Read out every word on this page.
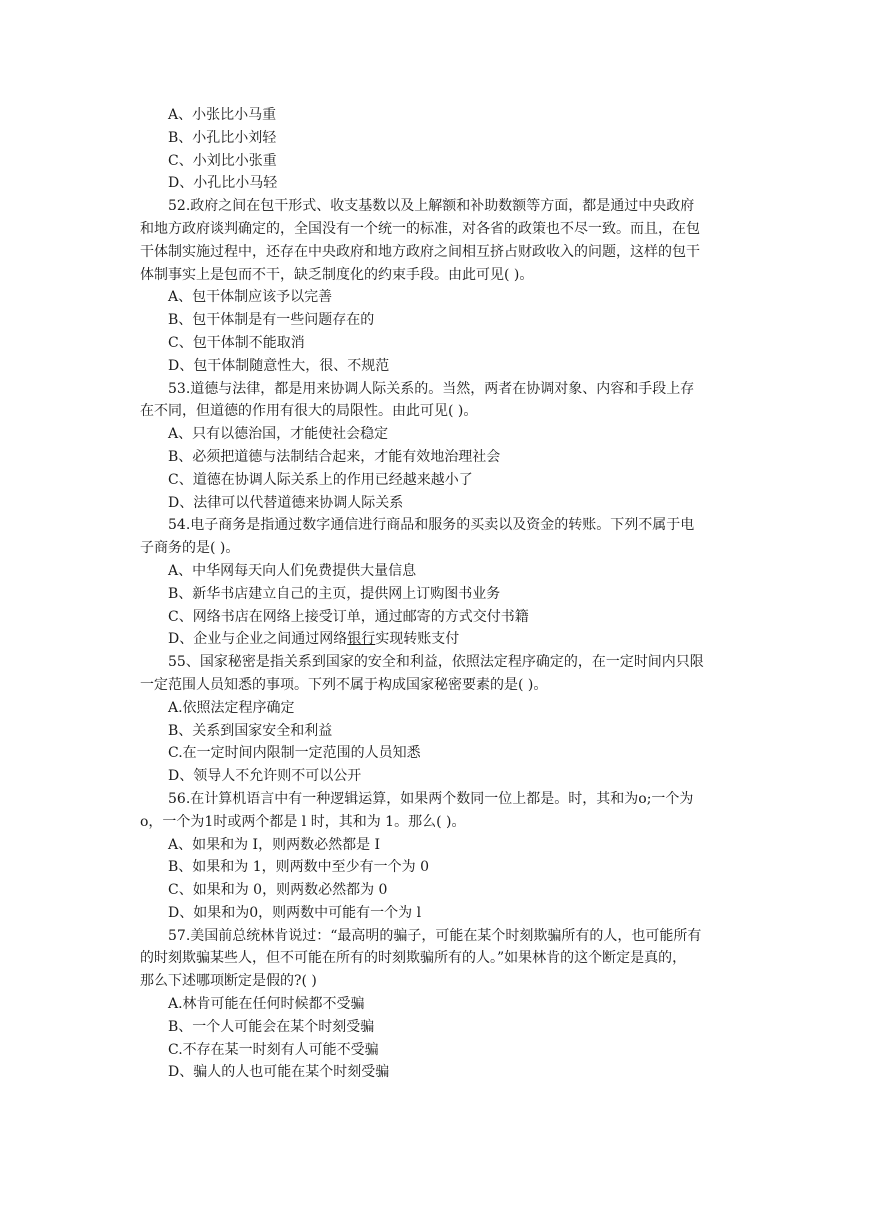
A、小张比小马重
B、小孔比小刘轻
C、小刘比小张重
D、小孔比小马轻
52.政府之间在包干形式、收支基数以及上解额和补助数额等方面，都是通过中央政府
和地方政府谈判确定的，全国没有一个统一的标准，对各省的政策也不尽一致。而且，在包
干体制实施过程中，还存在中央政府和地方政府之间相互挤占财政收入的问题，这样的包干
体制事实上是包而不干，缺乏制度化的约束手段。由此可见( )。
A、包干体制应该予以完善
B、包干体制是有一些问题存在的
C、包干体制不能取消
D、包干体制随意性大，很、不规范
53.道德与法律，都是用来协调人际关系的。当然，两者在协调对象、内容和手段上存
在不同，但道德的作用有很大的局限性。由此可见( )。
A、只有以德治国，才能使社会稳定
B、必须把道德与法制结合起来，才能有效地治理社会
C、道德在协调人际关系上的作用已经越来越小了
D、法律可以代替道德来协调人际关系
54.电子商务是指通过数字通信进行商品和服务的买卖以及资金的转账。下列不属于电
子商务的是( )。
A、中华网每天向人们免费提供大量信息
B、新华书店建立自己的主页，提供网上订购图书业务
C、网络书店在网络上接受订单，通过邮寄的方式交付书籍
D、企业与企业之间通过网络银行实现转账支付
55、国家秘密是指关系到国家的安全和利益，依照法定程序确定的，在一定时间内只限
一定范围人员知悉的事项。下列不属于构成国家秘密要素的是( )。
A.依照法定程序确定
B、关系到国家安全和利益
C.在一定时间内限制一定范围的人员知悉
D、领导人不允许则不可以公开
56.在计算机语言中有一种逻辑运算，如果两个数同一位上都是。时，其和为o;一个为
o，一个为1时或两个都是 l 时，其和为 1。那么( )。
A、如果和为 I，则两数必然都是 I
B、如果和为 1，则两数中至少有一个为 0
C、如果和为 0，则两数必然都为 0
D、如果和为0，则两数中可能有一个为 l
57.美国前总统林肯说过：“最高明的骗子，可能在某个时刻欺骗所有的人，也可能所有
的时刻欺骗某些人，但不可能在所有的时刻欺骗所有的人。”如果林肯的这个断定是真的，
那么下述哪项断定是假的?( )
A.林肯可能在任何时候都不受骗
B、一个人可能会在某个时刻受骗
C.不存在某一时刻有人可能不受骗
D、骗人的人也可能在某个时刻受骗
